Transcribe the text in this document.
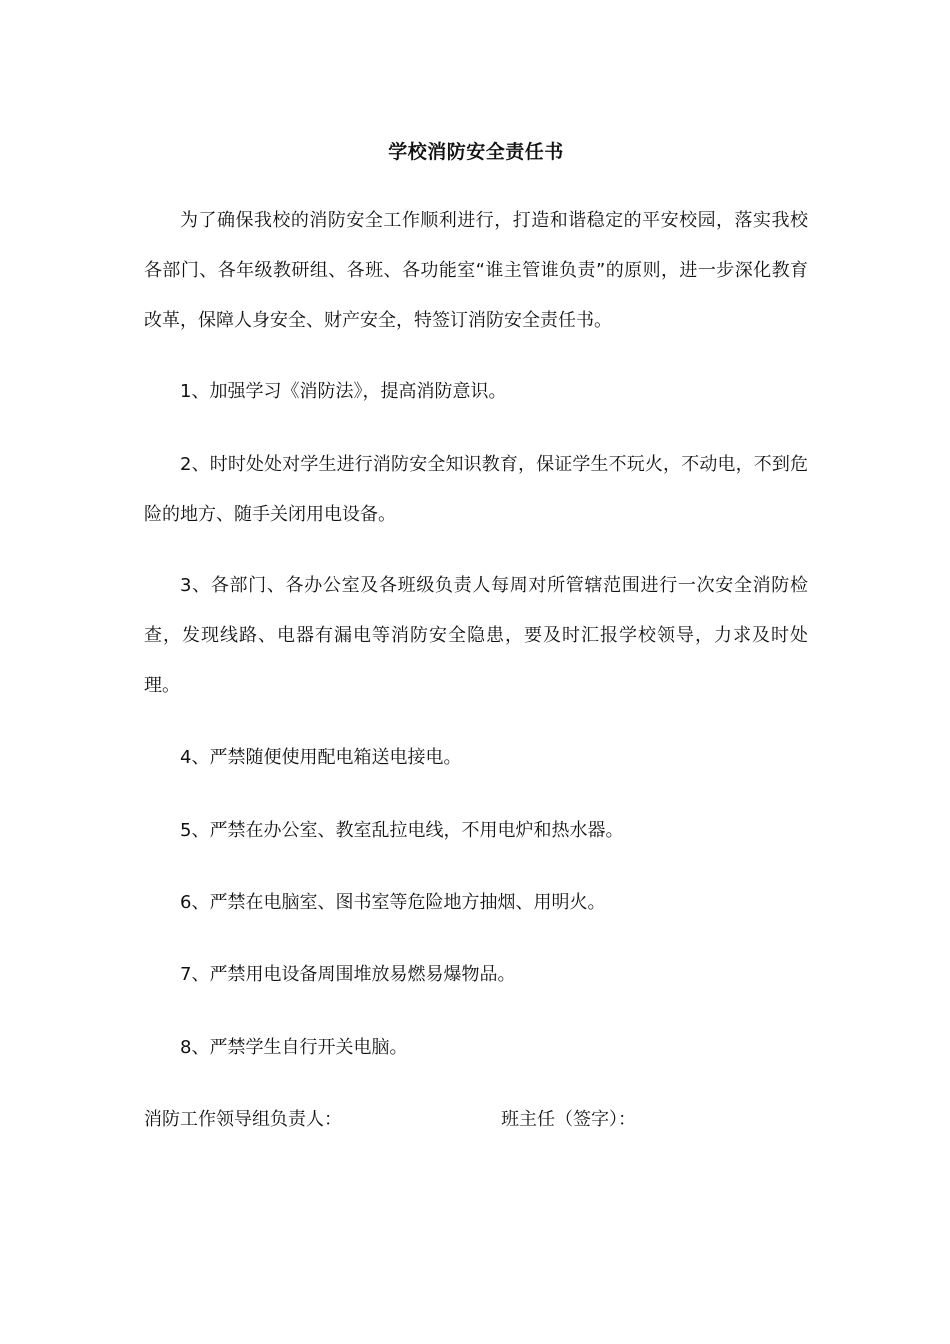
学校消防安全责任书

为了确保我校的消防安全工作顺利进行，打造和谐稳定的平安校园，落实我校各部门、各年级教研组、各班、各功能室“谁主管谁负责”的原则，进一步深化教育改革，保障人身安全、财产安全，特签订消防安全责任书。

1、加强学习《消防法》，提高消防意识。

2、时时处处对学生进行消防安全知识教育，保证学生不玩火，不动电，不到危险的地方、随手关闭用电设备。

3、各部门、各办公室及各班级负责人每周对所管辖范围进行一次安全消防检查，发现线路、电器有漏电等消防安全隐患，要及时汇报学校领导，力求及时处理。

4、严禁随便使用配电箱送电接电。

5、严禁在办公室、教室乱拉电线，不用电炉和热水器。

6、严禁在电脑室、图书室等危险地方抽烟、用明火。

7、严禁用电设备周围堆放易燃易爆物品。

8、严禁学生自行开关电脑。

消防工作领导组负责人：	班主任（签字）：
